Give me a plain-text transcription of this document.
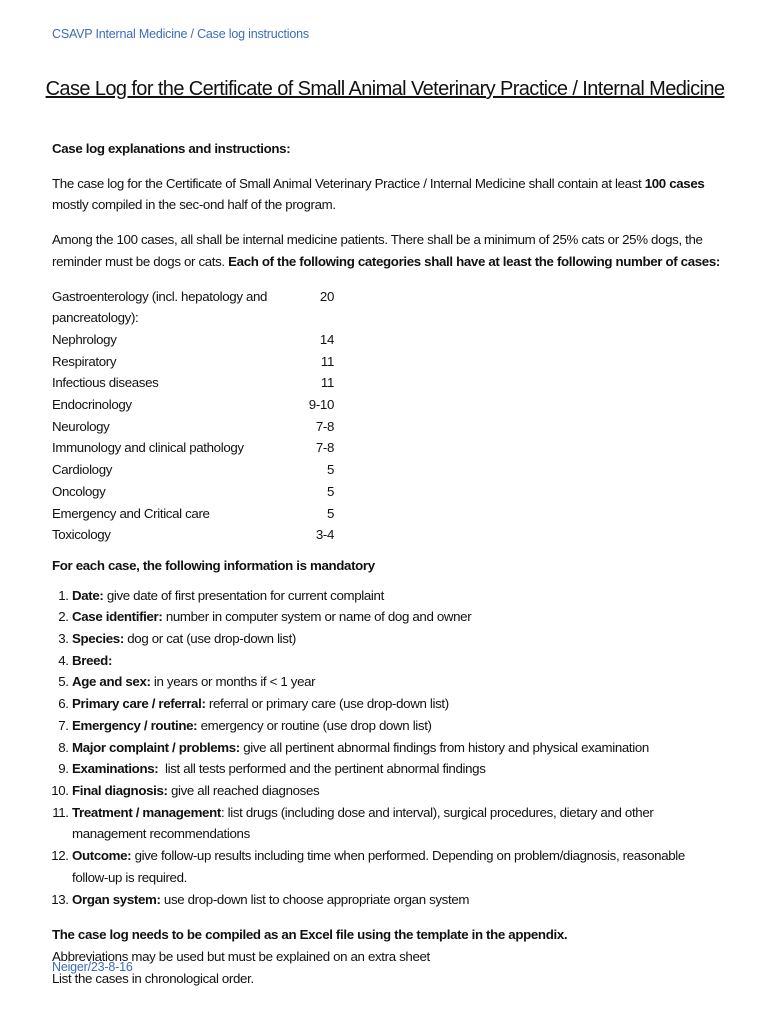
CSAVP Internal Medicine / Case log instructions
Case Log for the Certificate of Small Animal Veterinary Practice / Internal Medicine
Case log explanations and instructions:

The case log for the Certificate of Small Animal Veterinary Practice / Internal Medicine shall contain at least 100 cases mostly compiled in the sec-ond half of the program.

Among the 100 cases, all shall be internal medicine patients. There shall be a minimum of 25% cats or 25% dogs, the reminder must be dogs or cats. Each of the following categories shall have at least the following number of cases:

Gastroenterology (incl. hepatology and pancreatology):	20
Nephrology	14
Respiratory	11
Infectious diseases	11
Endocrinology	9-10
Neurology	7-8
Immunology and clinical pathology	7-8
Cardiology	5
Oncology	5
Emergency and Critical care	5
Toxicology	3-4
For each case, the following information is mandatory
1. Date: give date of first presentation for current complaint
2. Case identifier: number in computer system or name of dog and owner
3. Species: dog or cat (use drop-down list)
4. Breed:
5. Age and sex: in years or months if < 1 year
6. Primary care / referral: referral or primary care (use drop-down list)
7. Emergency / routine: emergency or routine (use drop down list)
8. Major complaint / problems: give all pertinent abnormal findings from history and physical examination
9. Examinations:  list all tests performed and the pertinent abnormal findings
10. Final diagnosis: give all reached diagnoses
11. Treatment / management: list drugs (including dose and interval), surgical procedures, dietary and other management recommendations
12. Outcome: give follow-up results including time when performed. Depending on problem/diagnosis, reasonable follow-up is required.
13. Organ system: use drop-down list to choose appropriate organ system
The case log needs to be compiled as an Excel file using the template in the appendix.
Abbreviations may be used but must be explained on an extra sheet
List the cases in chronological order.
Neiger/23-8-16
